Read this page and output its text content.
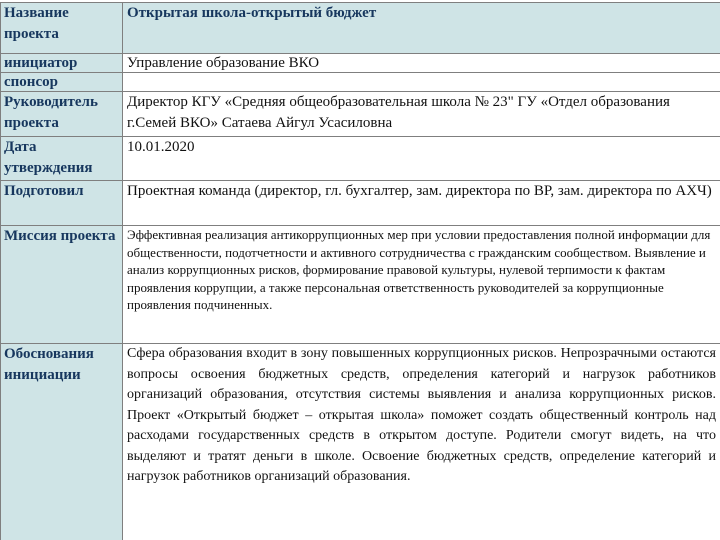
Название проекта	Открытая школа-открытый бюджет
инициатор	Управление образование ВКО
спонсор	
Руководитель проекта	Директор КГУ «Средняя общеобразовательная школа № 23" ГУ «Отдел образования г.Семей ВКО» Сатаева Айгул Усасиловна
Дата утверждения	10.01.2020
Подготовил	Проектная команда (директор, гл. бухгалтер, зам. директора по ВР, зам. директора по АХЧ)
Миссия проекта	Эффективная реализация антикоррупционных мер при условии предоставления полной информации для общественности, подотчетности и активного сотрудничества с гражданским сообществом. Выявление и анализ коррупционных рисков, формирование правовой культуры, нулевой терпимости к фактам проявления коррупции, а также персональная ответственность руководителей за коррупционные проявления подчиненных.
Обоснования инициации	Сфера образования входит в зону повышенных коррупционных рисков. Непрозрачными остаются вопросы освоения бюджетных средств, определения категорий и нагрузок работников организаций образования, отсутствия системы выявления и анализа коррупционных рисков. Проект «Открытый бюджет – открытая школа» поможет создать общественный контроль над расходами государственных средств в открытом доступе. Родители смогут видеть, на что выделяют и тратят деньги в школе. Освоение бюджетных средств, определение категорий и нагрузок работников организаций образования.
